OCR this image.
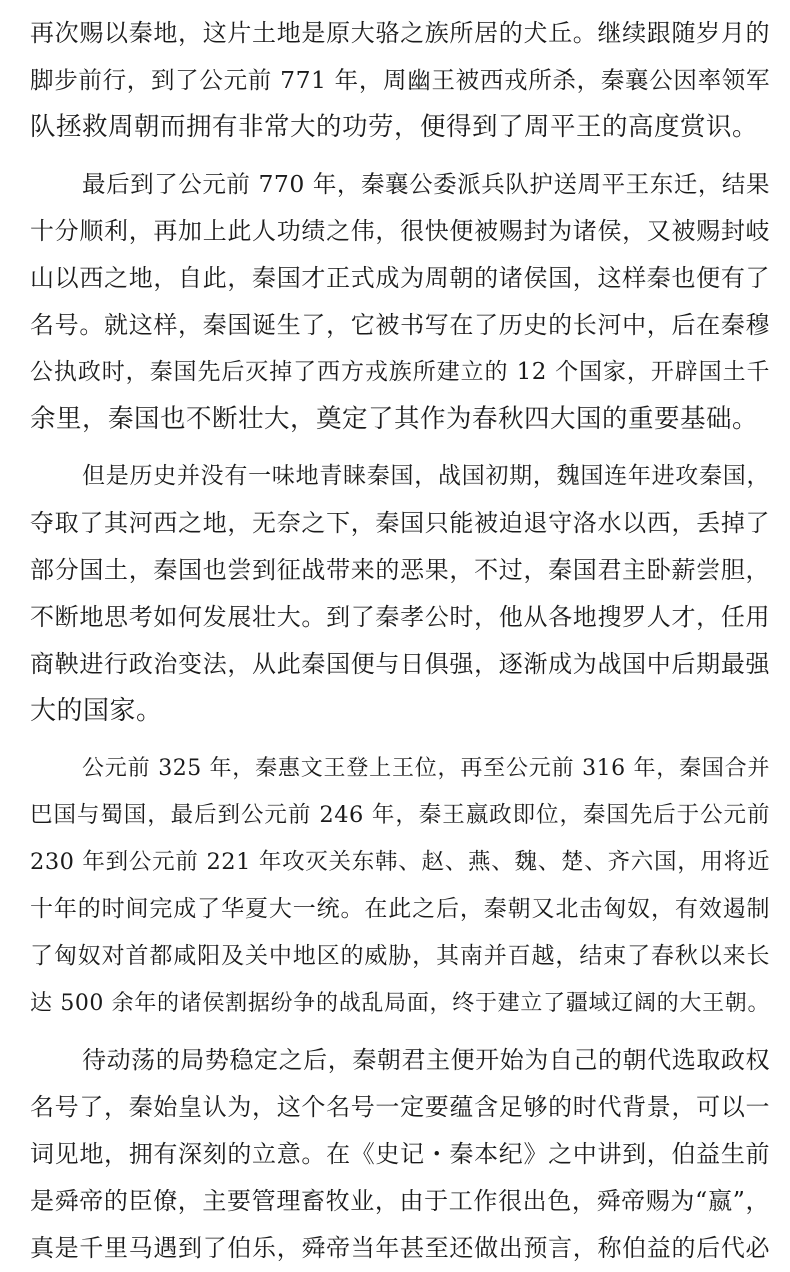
再次赐以秦地，这片土地是原大骆之族所居的犬丘。继续跟随岁月的
脚步前行，到了公元前 771 年，周幽王被西戎所杀，秦襄公因率领军
队拯救周朝而拥有非常大的功劳，便得到了周平王的高度赏识。
最后到了公元前 770 年，秦襄公委派兵队护送周平王东迁，结果
十分顺利，再加上此人功绩之伟，很快便被赐封为诸侯，又被赐封岐
山以西之地，自此，秦国才正式成为周朝的诸侯国，这样秦也便有了
名号。就这样，秦国诞生了，它被书写在了历史的长河中，后在秦穆
公执政时，秦国先后灭掉了西方戎族所建立的 12 个国家，开辟国土千
余里，秦国也不断壮大，奠定了其作为春秋四大国的重要基础。
但是历史并没有一味地青睐秦国，战国初期，魏国连年进攻秦国，
夺取了其河西之地，无奈之下，秦国只能被迫退守洛水以西，丢掉了
部分国土，秦国也尝到征战带来的恶果，不过，秦国君主卧薪尝胆，
不断地思考如何发展壮大。到了秦孝公时，他从各地搜罗人才，任用
商鞅进行政治变法，从此秦国便与日俱强，逐渐成为战国中后期最强
大的国家。
公元前 325 年，秦惠文王登上王位，再至公元前 316 年，秦国合并
巴国与蜀国，最后到公元前 246 年，秦王嬴政即位，秦国先后于公元前
230 年到公元前 221 年攻灭关东韩、赵、燕、魏、楚、齐六国，用将近
十年的时间完成了华夏大一统。在此之后，秦朝又北击匈奴，有效遏制
了匈奴对首都咸阳及关中地区的威胁，其南并百越，结束了春秋以来长
达 500 余年的诸侯割据纷争的战乱局面，终于建立了疆域辽阔的大王朝。
待动荡的局势稳定之后，秦朝君主便开始为自己的朝代选取政权
名号了，秦始皇认为，这个名号一定要蕴含足够的时代背景，可以一
词见地，拥有深刻的立意。在《史记・秦本纪》之中讲到，伯益生前
是舜帝的臣僚，主要管理畜牧业，由于工作很出色，舜帝赐为“嬴”，
真是千里马遇到了伯乐，舜帝当年甚至还做出预言，称伯益的后代必
